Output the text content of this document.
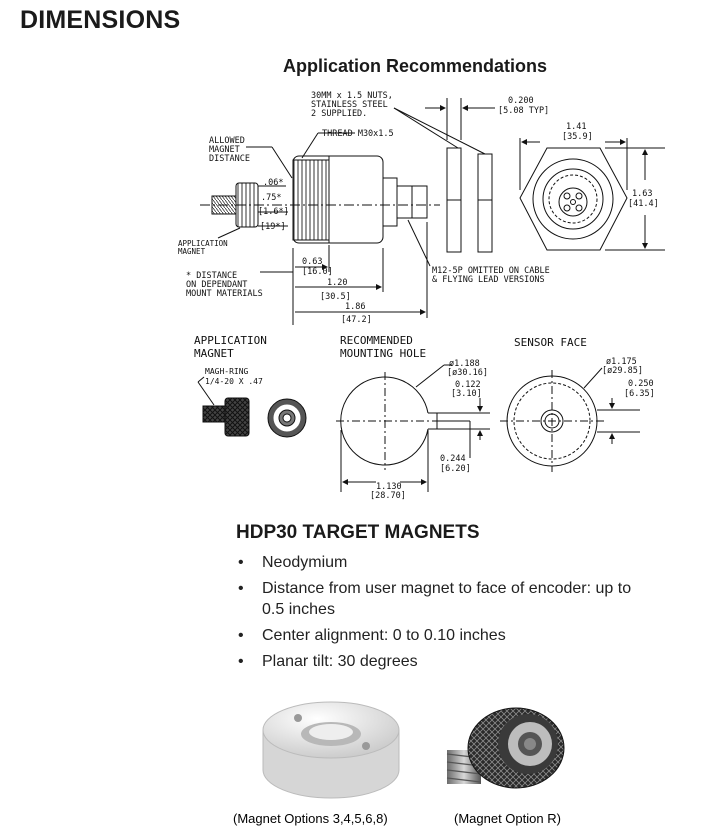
DIMENSIONS
Application Recommendations
30MM x 1.5 NUTS,
STAINLESS STEEL
2 SUPPLIED.
THREAD M30x1.5
ALLOWED
MAGNET
DISTANCE
.06*
.75*
[1.6*]
[19*]
APPLICATION
MAGNET
* DISTANCE
ON DEPENDANT
MOUNT MATERIALS
0.63
[16.0]
1.20
[30.5]
1.86
[47.2]
M12-5P OMITTED ON CABLE
& FLYING LEAD VERSIONS
0.200
[5.08 TYP]
1.41
[35.9]
1.63
[41.4]
APPLICATION
MAGNET
MAGH-RING
1/4-20 X .47
RECOMMENDED
MOUNTING HOLE
ø1.188
[ø30.16]
0.122
[3.10]
0.244
[6.20]
1.130
[28.70]
SENSOR FACE
ø1.175
[ø29.85]
0.250
[6.35]
HDP30 TARGET MAGNETS
• Neodymium
• Distance from user magnet to face of encoder: up to 0.5 inches
• Center alignment: 0 to 0.10 inches
• Planar tilt: 30 degrees
(Magnet Options 3,4,5,6,8)	(Magnet Option R)
